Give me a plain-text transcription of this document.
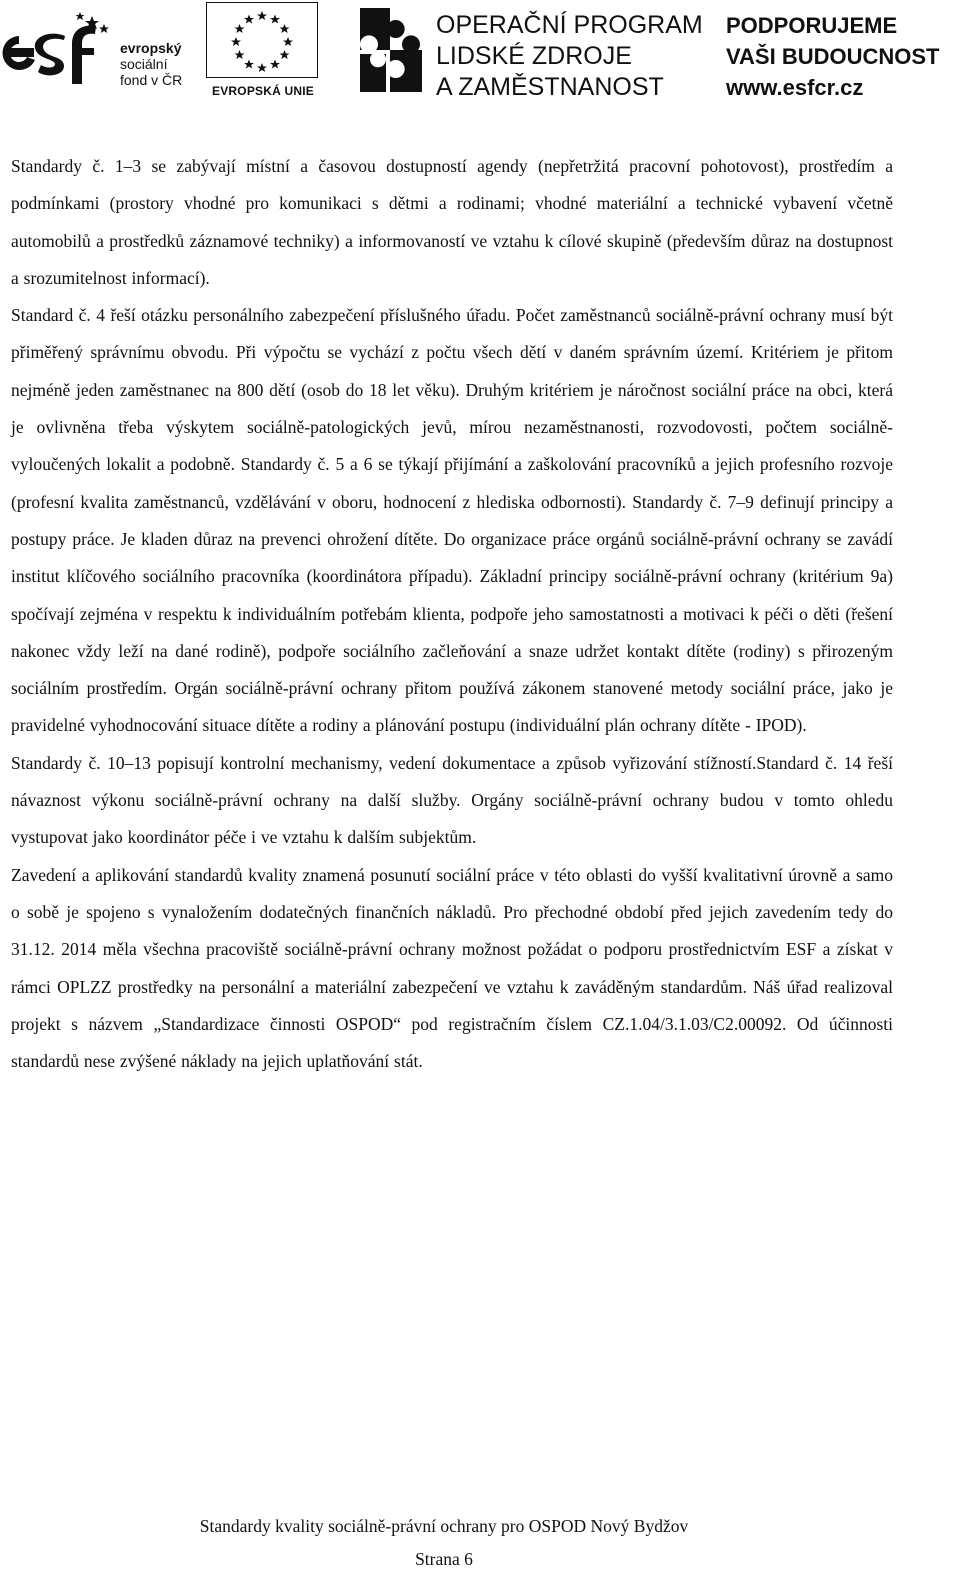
evropský
sociální
fond v ČR
EVROPSKÁ UNIE
OPERAČNÍ PROGRAM
LIDSKÉ ZDROJE
A ZAMĚSTNANOST
PODPORUJEME
VAŠI BUDOUCNOST
www.esfcr.cz

Standardy č. 1–3 se zabývají místní a časovou dostupností agendy (nepřetržitá pracovní pohotovost), prostředím a podmínkami (prostory vhodné pro komunikaci s dětmi a rodinami; vhodné materiální a technické vybavení včetně automobilů a prostředků záznamové techniky) a informovaností ve vztahu k cílové skupině (především důraz na dostupnost a srozumitelnost informací).

Standard č. 4 řeší otázku personálního zabezpečení příslušného úřadu. Počet zaměstnanců sociálně-právní ochrany musí být přiměřený správnímu obvodu. Při výpočtu se vychází z počtu všech dětí v daném správním území. Kritériem je přitom nejméně jeden zaměstnanec na 800 dětí (osob do 18 let věku). Druhým kritériem je náročnost sociální práce na obci, která je ovlivněna třeba výskytem sociálně-patologických jevů, mírou nezaměstnanosti, rozvodovosti, počtem sociálně-vyloučených lokalit a podobně. Standardy č. 5 a 6 se týkají přijímání a zaškolování pracovníků a jejich profesního rozvoje (profesní kvalita zaměstnanců, vzdělávání v oboru, hodnocení z hlediska odbornosti). Standardy č. 7–9 definují principy a postupy práce. Je kladen důraz na prevenci ohrožení dítěte. Do organizace práce orgánů sociálně-právní ochrany se zavádí institut klíčového sociálního pracovníka (koordinátora případu). Základní principy sociálně-právní ochrany (kritérium 9a) spočívají zejména v respektu k individuálním potřebám klienta, podpoře jeho samostatnosti a motivaci k péči o děti (řešení nakonec vždy leží na dané rodině), podpoře sociálního začleňování a snaze udržet kontakt dítěte (rodiny) s přirozeným sociálním prostředím. Orgán sociálně-právní ochrany přitom používá zákonem stanovené metody sociální práce, jako je pravidelné vyhodnocování situace dítěte a rodiny a plánování postupu (individuální plán ochrany dítěte - IPOD).

Standardy č. 10–13 popisují kontrolní mechanismy, vedení dokumentace a způsob vyřizování stížností.Standard č. 14 řeší návaznost výkonu sociálně-právní ochrany na další služby. Orgány sociálně-právní ochrany budou v tomto ohledu vystupovat jako koordinátor péče i ve vztahu k dalším subjektům.

Zavedení a aplikování standardů kvality znamená posunutí sociální práce v této oblasti do vyšší kvalitativní úrovně a samo o sobě je spojeno s vynaložením dodatečných finančních nákladů. Pro přechodné období před jejich zavedením tedy do 31.12. 2014 měla všechna pracoviště sociálně-právní ochrany možnost požádat o podporu prostřednictvím ESF a získat v rámci OPLZZ prostředky na personální a materiální zabezpečení ve vztahu k zaváděným standardům. Náš úřad realizoval projekt s názvem „Standardizace činnosti OSPOD“ pod registračním číslem CZ.1.04/3.1.03/C2.00092. Od účinnosti standardů nese zvýšené náklady na jejich uplatňování stát.

Standardy kvality sociálně-právní ochrany pro OSPOD Nový Bydžov
Strana 6
